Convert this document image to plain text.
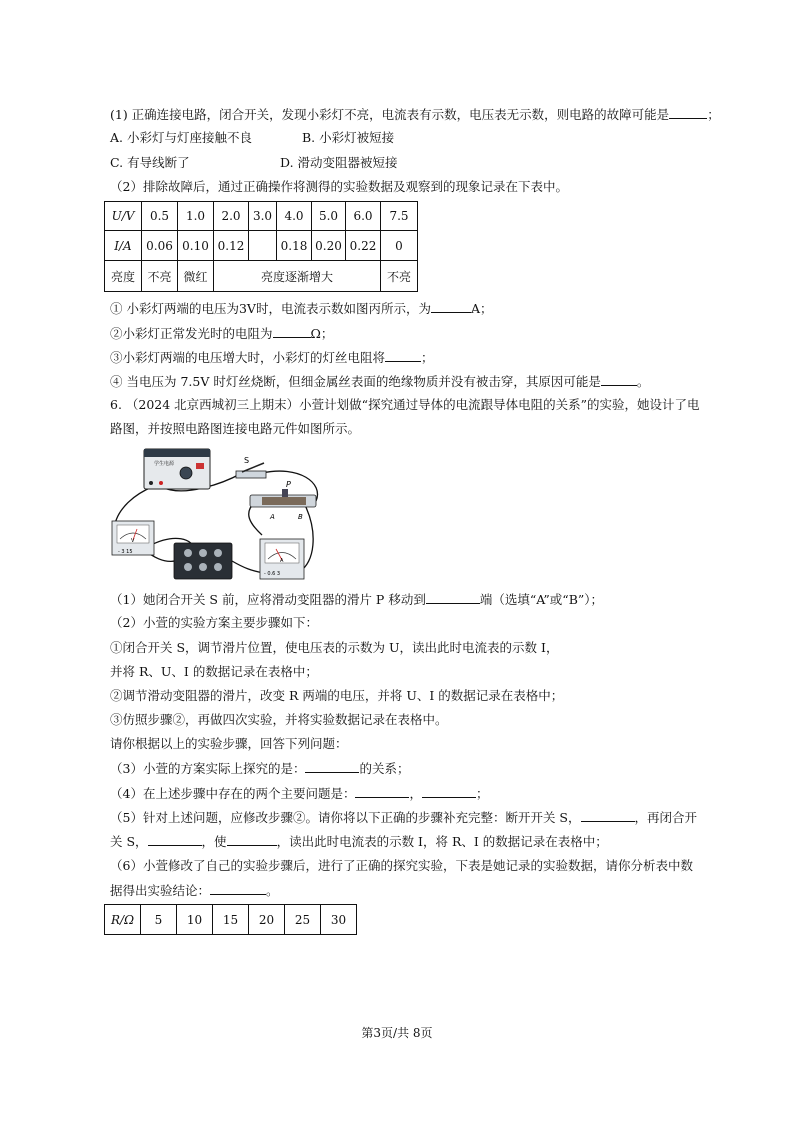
(1) 正确连接电路，闭合开关，发现小彩灯不亮，电流表有示数，电压表无示数，则电路的故障可能是	；
A. 小彩灯与灯座接触不良	B. 小彩灯被短接
C. 有导线断了	D. 滑动变阻器被短接
（2）排除故障后，通过正确操作将测得的实验数据及观察到的现象记录在下表中。
U/V	0.5	1.0	2.0	3.0	4.0	5.0	6.0	7.5
I/A	0.06	0.10	0.12		0.18	0.20	0.22	0
亮度	不亮	微红	亮度逐渐增大					不亮
① 小彩灯两端的电压为3V时，电流表示数如图丙所示，为	A；
②小彩灯正常发光时的电阻为	Ω；
③小彩灯两端的电压增大时，小彩灯的灯丝电阻将	；
④ 当电压为 7.5V 时灯丝烧断，但细金属丝表面的绝缘物质并没有被击穿，其原因可能是	。
6. （2024 北京西城初三上期末）小萱计划做“探究通过导体的电流跟导体电阻的关系”的实验，她设计了电
路图，并按照电路图连接电路元件如图所示。
学生电源	S
P
A	B
V
- 3 15
A
- 0.6 3
（1）她闭合开关 S 前，应将滑动变阻器的滑片 P 移动到	端（选填“A”或“B”）；
（2）小萱的实验方案主要步骤如下：
①闭合开关 S，调节滑片位置，使电压表的示数为 U，读出此时电流表的示数 I，
并将 R、U、I 的数据记录在表格中；
②调节滑动变阻器的滑片，改变 R 两端的电压，并将 U、I 的数据记录在表格中；
③仿照步骤②，再做四次实验，并将实验数据记录在表格中。
请你根据以上的实验步骤，回答下列问题：
（3）小萱的方案实际上探究的是：	的关系；
（4）在上述步骤中存在的两个主要问题是：	，	；
（5）针对上述问题，应修改步骤②。请你将以下正确的步骤补充完整：断开开关 S，	，再闭合开
关 S，	，使	，读出此时电流表的示数 I，将 R、I 的数据记录在表格中；
（6）小萱修改了自己的实验步骤后，进行了正确的探究实验，下表是她记录的实验数据，请你分析表中数
据得出实验结论：	。
R/Ω	5	10	15	20	25	30
第3页/共 8页
